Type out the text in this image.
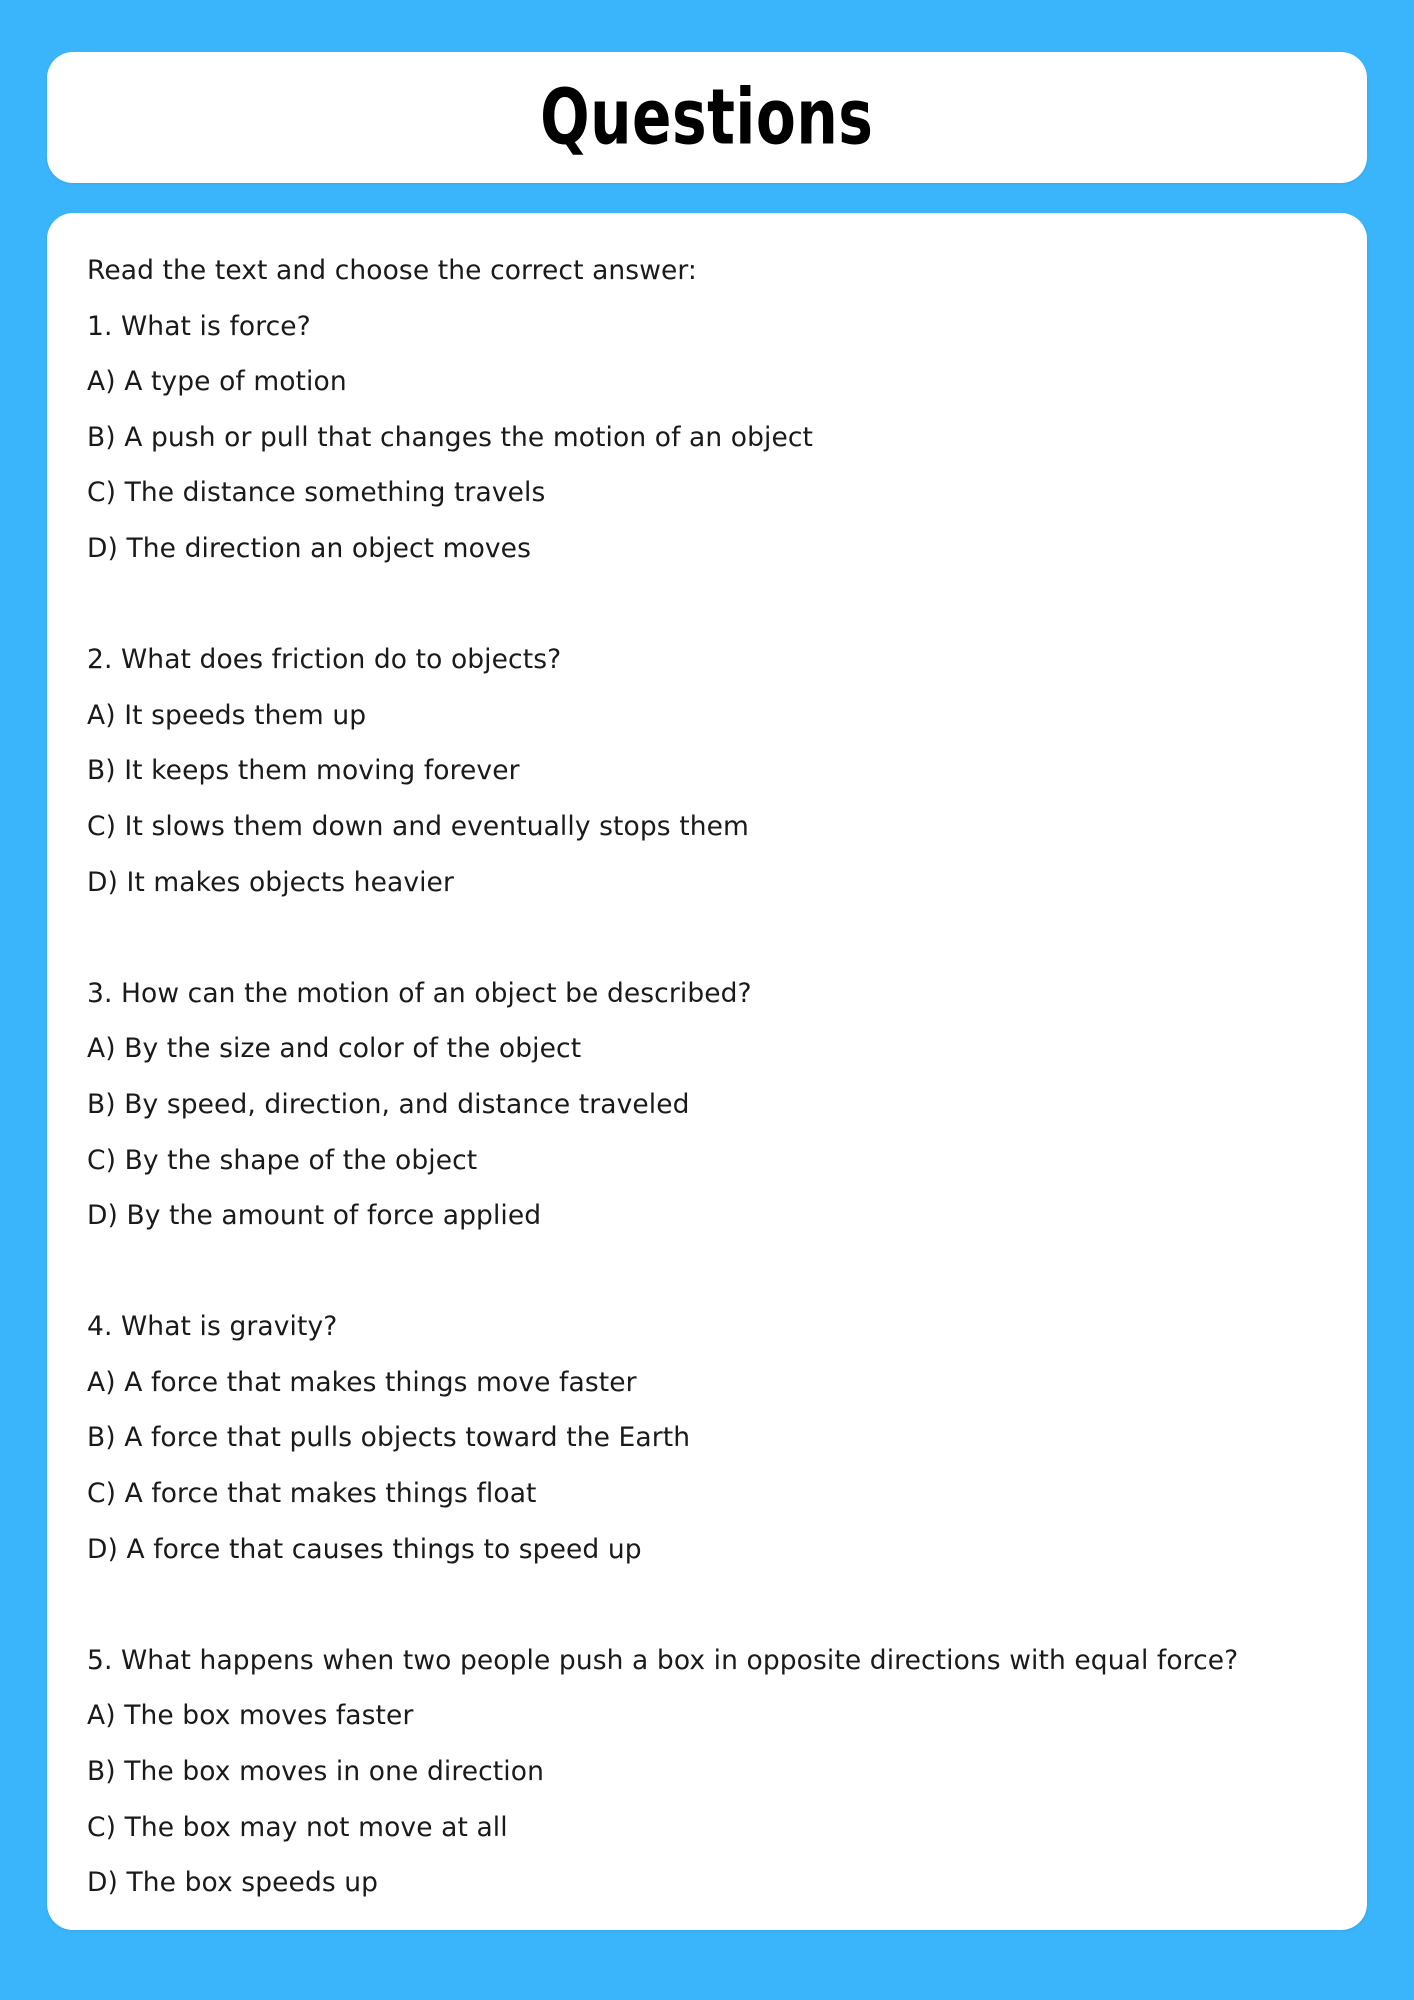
Questions
Read the text and choose the correct answer:
1. What is force?
A) A type of motion
B) A push or pull that changes the motion of an object
C) The distance something travels
D) The direction an object moves
2. What does friction do to objects?
A) It speeds them up
B) It keeps them moving forever
C) It slows them down and eventually stops them
D) It makes objects heavier
3. How can the motion of an object be described?
A) By the size and color of the object
B) By speed, direction, and distance traveled
C) By the shape of the object
D) By the amount of force applied
4. What is gravity?
A) A force that makes things move faster
B) A force that pulls objects toward the Earth
C) A force that makes things float
D) A force that causes things to speed up
5. What happens when two people push a box in opposite directions with equal force?
A) The box moves faster
B) The box moves in one direction
C) The box may not move at all
D) The box speeds up
